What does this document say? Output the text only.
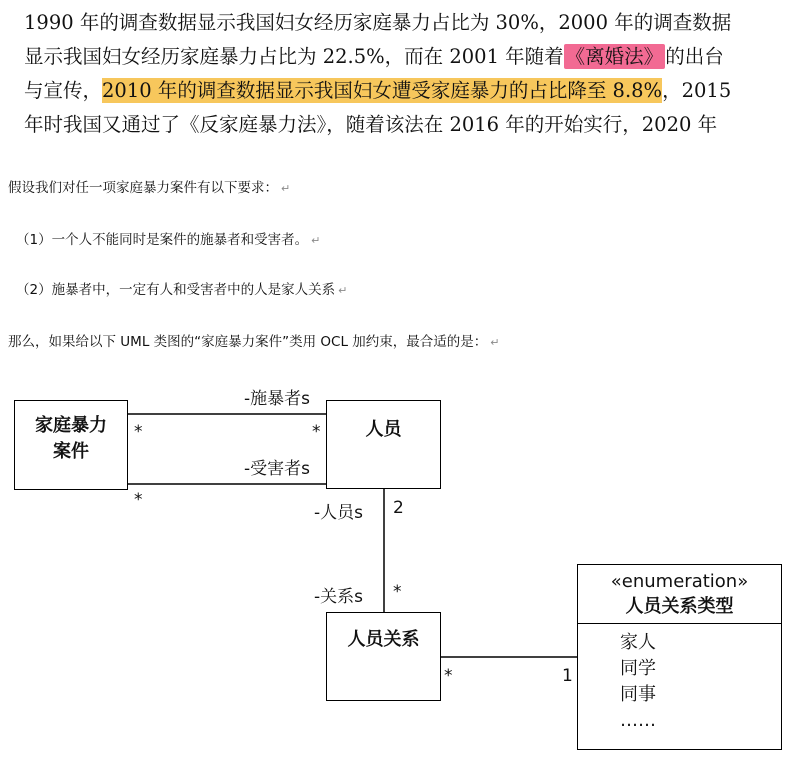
1990 年的调查数据显示我国妇女经历家庭暴力占比为 30%，2000 年的调查数据
显示我国妇女经历家庭暴力占比为 22.5%，而在 2001 年随着 《离婚法》 的出台
与宣传，2010 年的调查数据显示我国妇女遭受家庭暴力的占比降至 8.8%，2015
年时我国又通过了《反家庭暴力法》，随着该法在 2016 年的开始实行，2020 年
假设我们对任一项家庭暴力案件有以下要求： ↵
（1）一个人不能同时是案件的施暴者和受害者。 ↵
（2）施暴者中，一定有人和受害者中的人是家人关系 ↵
那么，如果给以下 UML 类图的“家庭暴力案件”类用 OCL 加约束，最合适的是： ↵
家庭暴力
案件
人员
人员关系
«enumeration»
人员关系类型
家人
同学
同事
……
-施暴者s
-受害者s
-人员s
-关系s
*	*
*	2
*
*	1
